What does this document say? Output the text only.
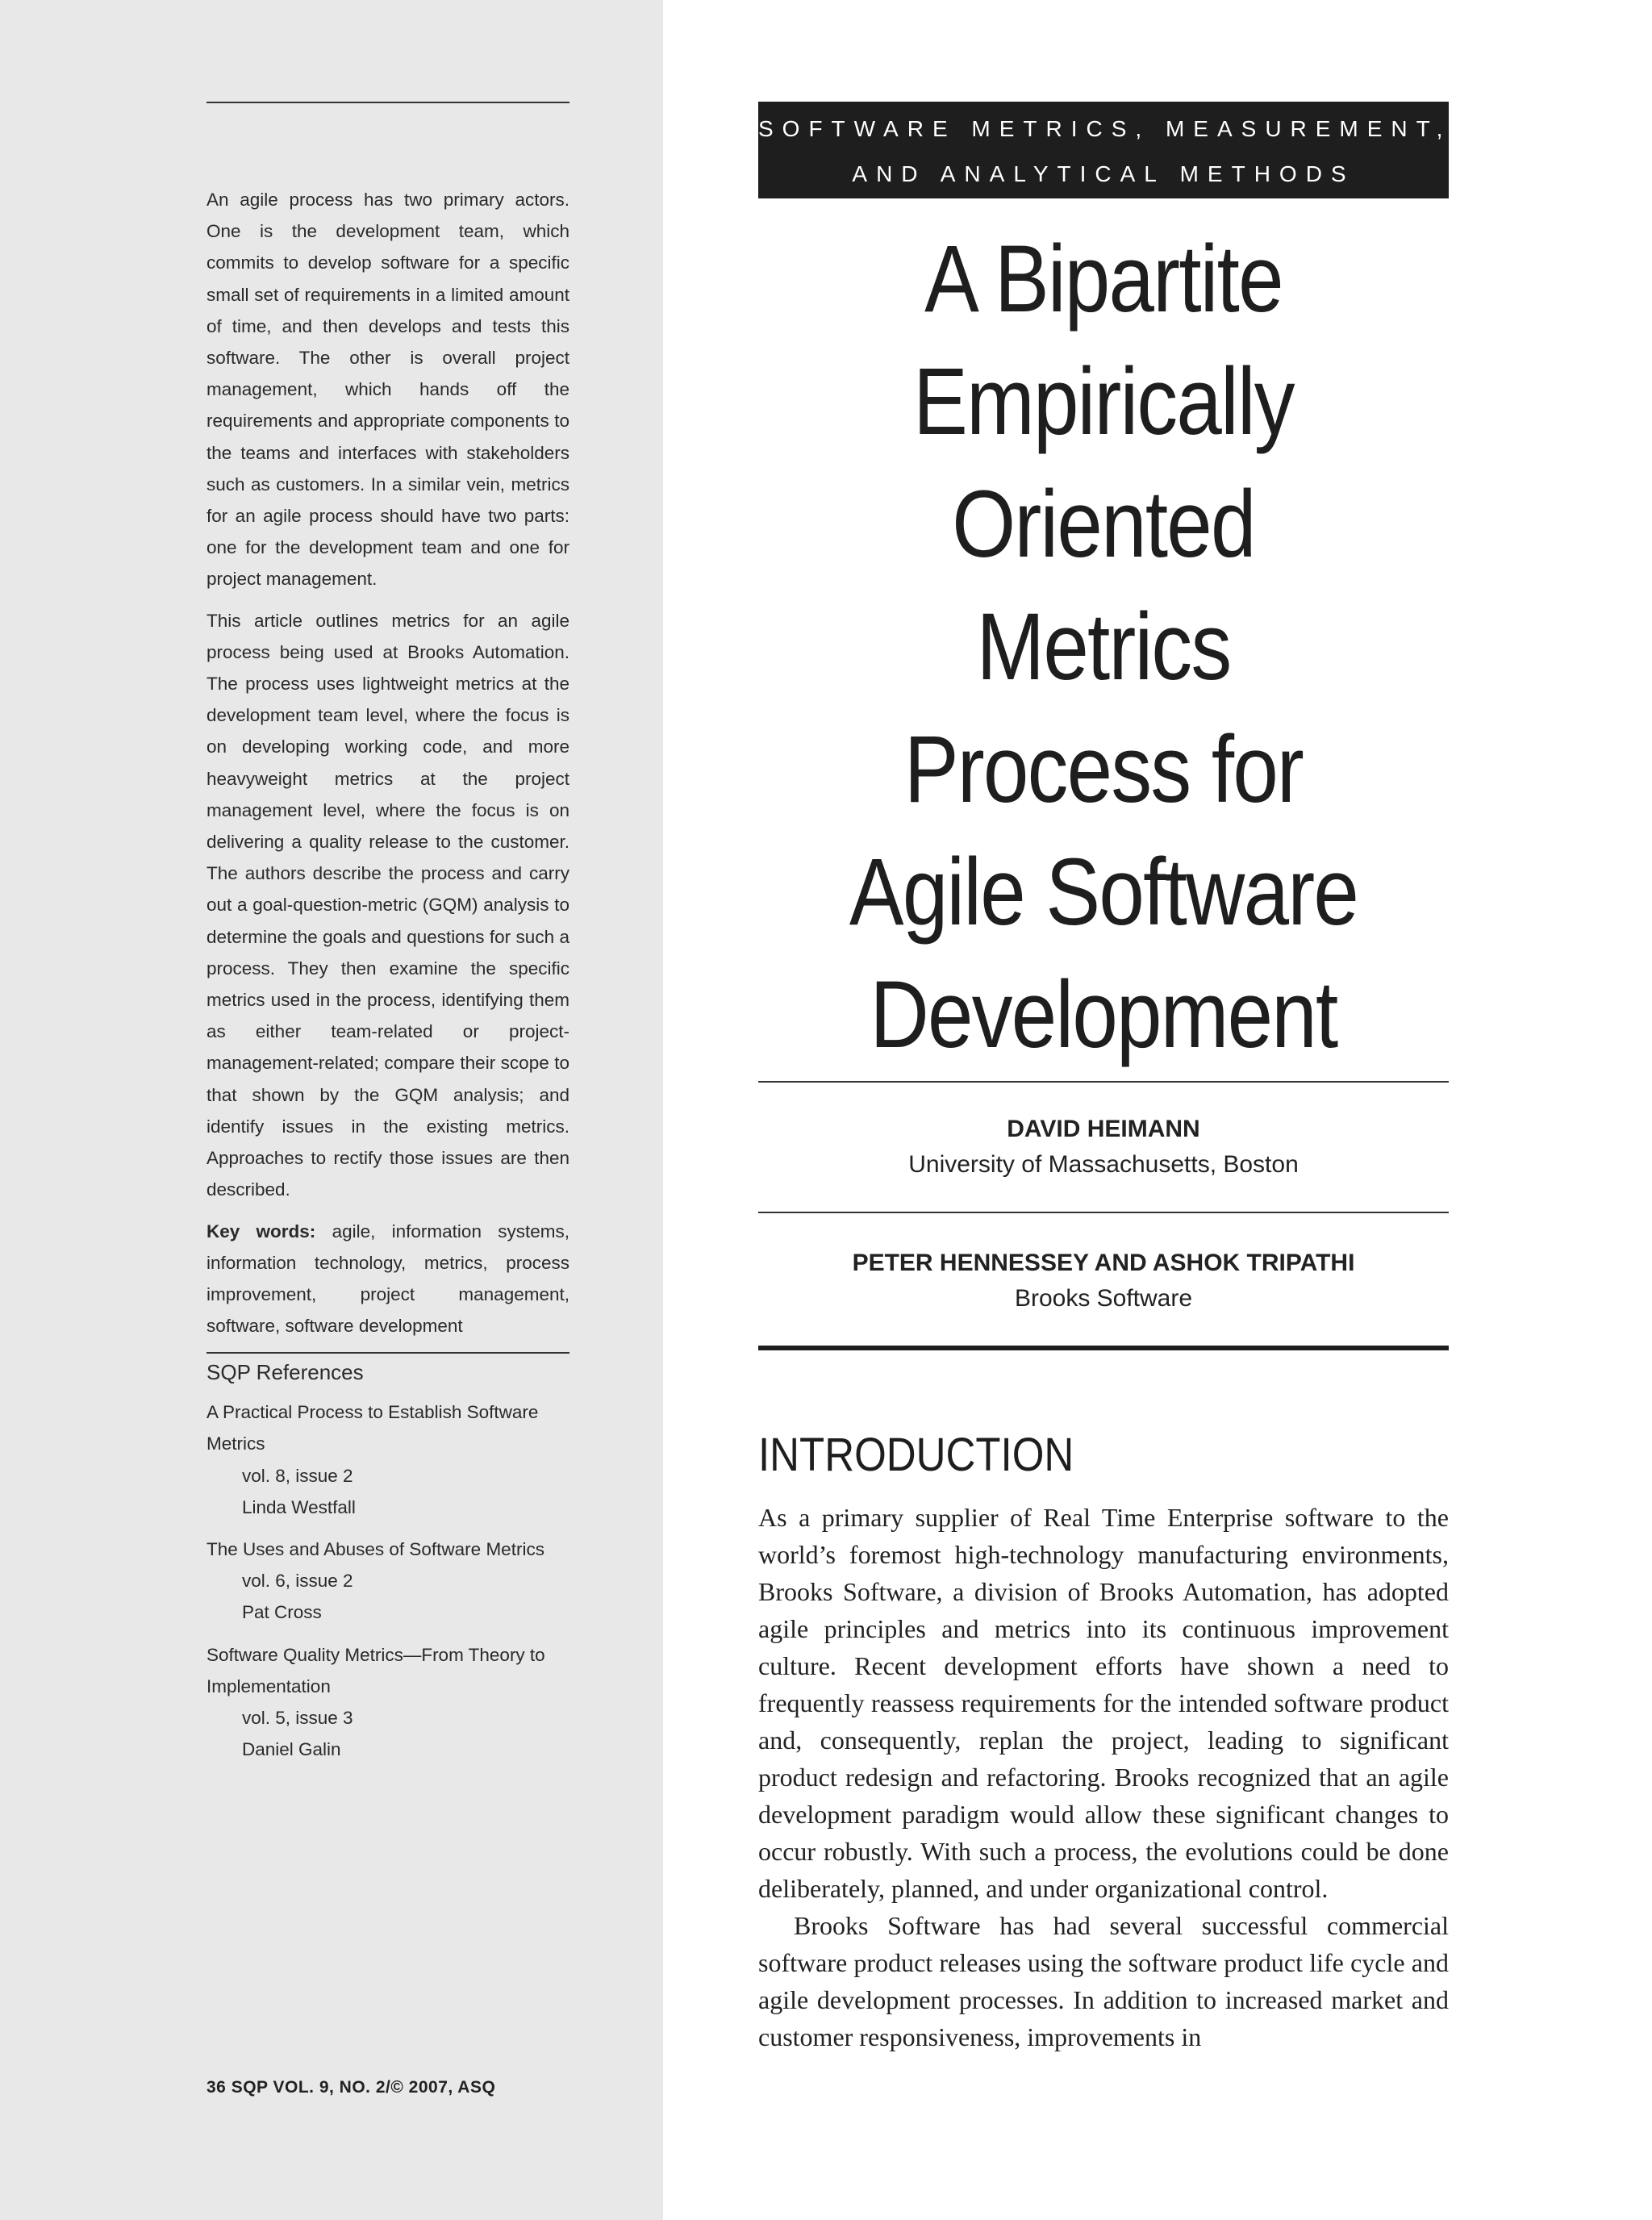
An agile process has two primary actors. One is the development team, which commits to develop software for a specific small set of requirements in a limited amount of time, and then develops and tests this software. The other is overall project management, which hands off the requirements and appropriate components to the teams and interfaces with stakeholders such as customers. In a similar vein, metrics for an agile process should have two parts: one for the development team and one for project management.

This article outlines metrics for an agile process being used at Brooks Automation. The process uses lightweight metrics at the development team level, where the focus is on developing working code, and more heavyweight metrics at the project management level, where the focus is on delivering a quality release to the customer. The authors describe the process and carry out a goal-question-metric (GQM) analysis to determine the goals and questions for such a process. They then examine the specific metrics used in the process, identifying them as either team-related or project-management-related; compare their scope to that shown by the GQM analysis; and identify issues in the existing metrics. Approaches to rectify those issues are then described.

Key words: agile, information systems, information technology, metrics, process improvement, project management, software, software development

SQP References
A Practical Process to Establish Software Metrics
vol. 8, issue 2
Linda Westfall
The Uses and Abuses of Software Metrics
vol. 6, issue 2
Pat Cross
Software Quality Metrics—From Theory to Implementation
vol. 5, issue 3
Daniel Galin
36 SQP VOL. 9, NO. 2/© 2007, ASQ
SOFTWARE METRICS, MEASUREMENT,
AND ANALYTICAL METHODS
A Bipartite
Empirically
Oriented
Metrics
Process for
Agile Software
Development
DAVID HEIMANN
University of Massachusetts, Boston
PETER HENNESSEY AND ASHOK TRIPATHI
Brooks Software
INTRODUCTION

As a primary supplier of Real Time Enterprise software to the world’s foremost high-technology manufacturing environments, Brooks Software, a division of Brooks Automation, has adopted agile principles and metrics into its continuous improvement culture. Recent development efforts have shown a need to frequently reassess requirements for the intended software product and, consequently, replan the project, leading to significant product redesign and refactoring. Brooks recognized that an agile development paradigm would allow these significant changes to occur robustly. With such a process, the evolutions could be done deliberately, planned, and under organizational control.

Brooks Software has had several successful commercial software product releases using the software product life cycle and agile development processes. In addition to increased market and customer responsiveness, improvements in
